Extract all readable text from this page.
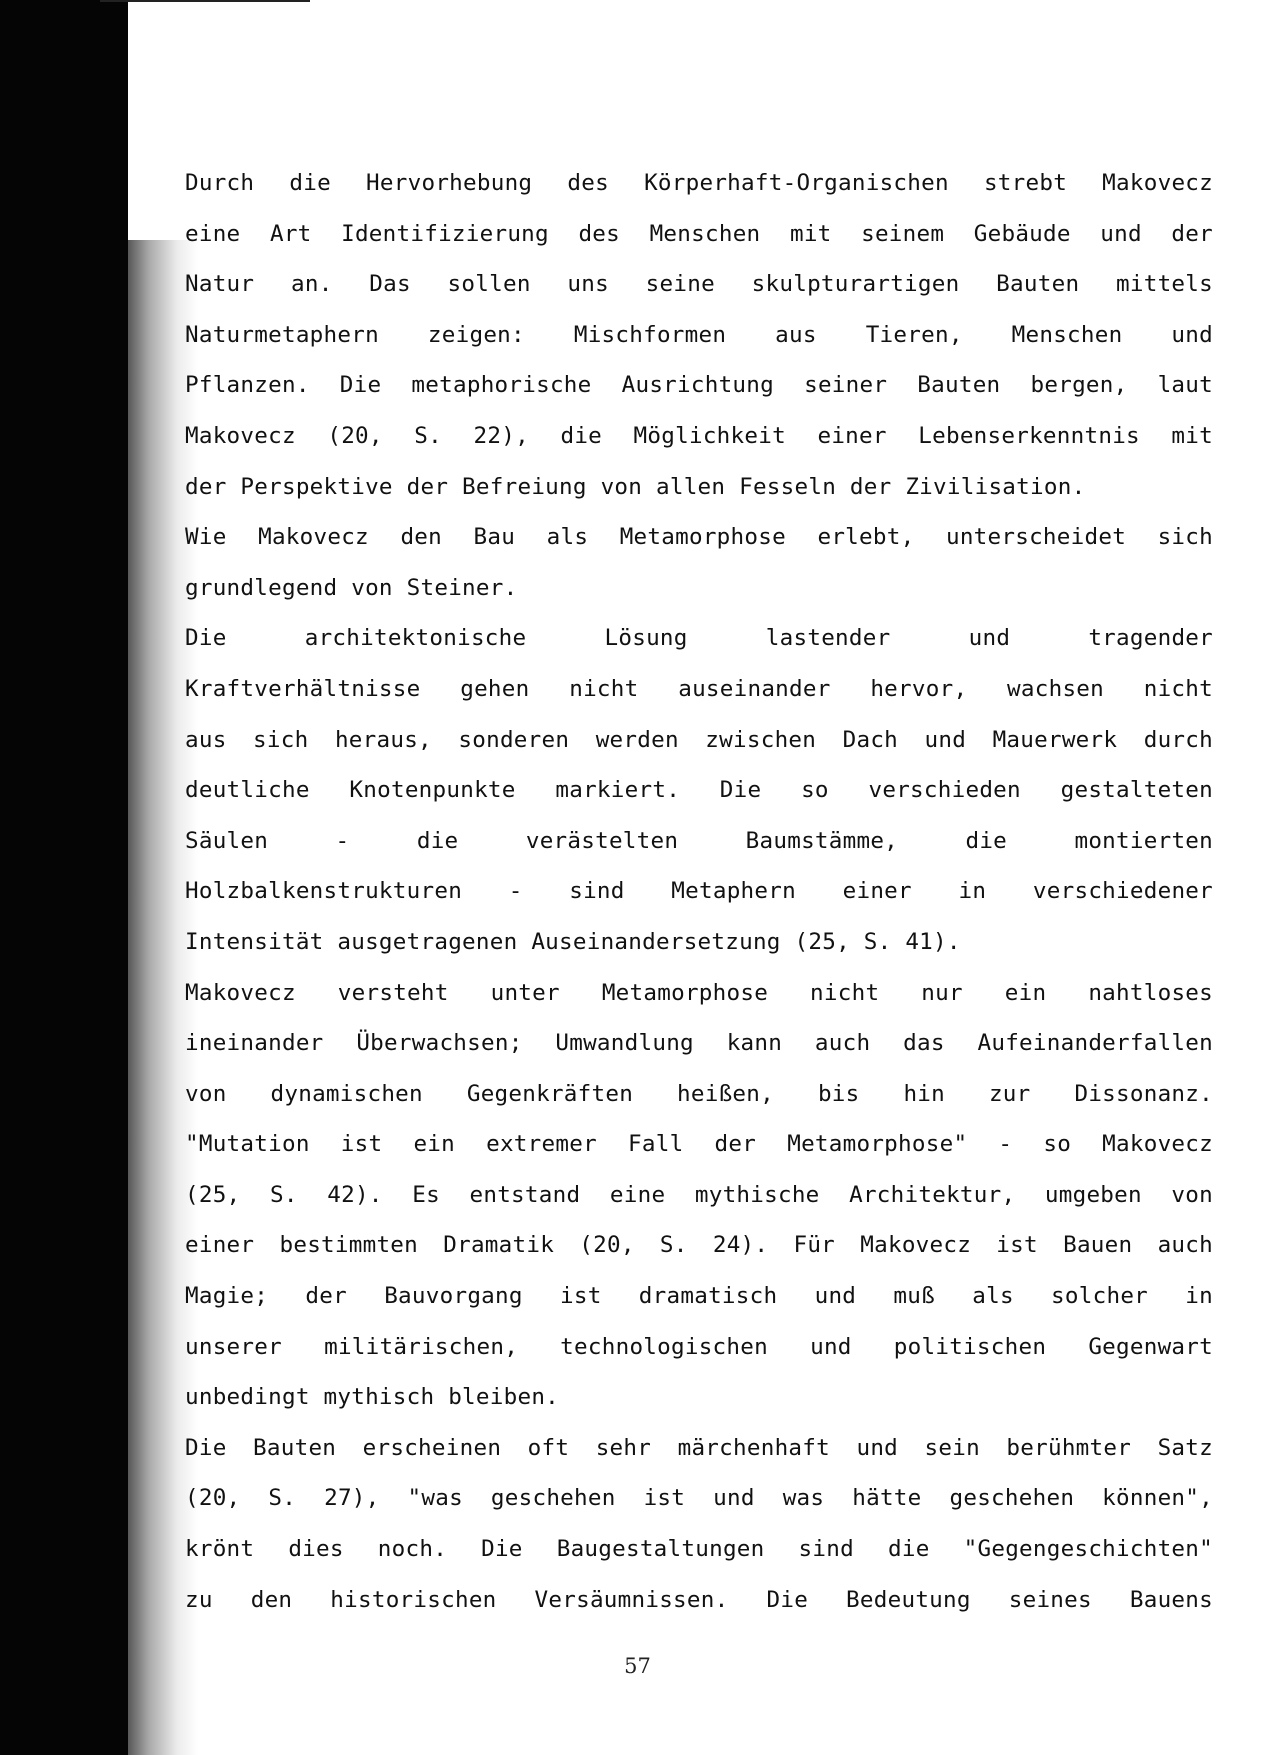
Durch die Hervorhebung des Körperhaft-Organischen strebt Makovecz
eine Art Identifizierung des Menschen mit seinem Gebäude und der
Natur an. Das sollen uns seine skulpturartigen Bauten mittels
Naturmetaphern zeigen: Mischformen aus Tieren, Menschen und
Pflanzen. Die metaphorische Ausrichtung seiner Bauten bergen, laut
Makovecz (20, S. 22), die Möglichkeit einer Lebenserkenntnis mit
der Perspektive der Befreiung von allen Fesseln der Zivilisation.
Wie Makovecz den Bau als Metamorphose erlebt, unterscheidet sich
grundlegend von Steiner.
Die architektonische Lösung lastender und tragender
Kraftverhältnisse gehen nicht auseinander hervor, wachsen nicht
aus sich heraus, sonderen werden zwischen Dach und Mauerwerk durch
deutliche Knotenpunkte markiert. Die so verschieden gestalteten
Säulen - die verästelten Baumstämme, die montierten
Holzbalkenstrukturen - sind Metaphern einer in verschiedener
Intensität ausgetragenen Auseinandersetzung (25, S. 41).
Makovecz versteht unter Metamorphose nicht nur ein nahtloses
ineinander Überwachsen; Umwandlung kann auch das Aufeinanderfallen
von dynamischen Gegenkräften heißen, bis hin zur Dissonanz.
"Mutation ist ein extremer Fall der Metamorphose" - so Makovecz
(25, S. 42). Es entstand eine mythische Architektur, umgeben von
einer bestimmten Dramatik (20, S. 24). Für Makovecz ist Bauen auch
Magie; der Bauvorgang ist dramatisch und muß als solcher in
unserer militärischen, technologischen und politischen Gegenwart
unbedingt mythisch bleiben.
Die Bauten erscheinen oft sehr märchenhaft und sein berühmter Satz
(20, S. 27), "was geschehen ist und was hätte geschehen können",
krönt dies noch. Die Baugestaltungen sind die "Gegengeschichten"
zu den historischen Versäumnissen. Die Bedeutung seines Bauens
57
